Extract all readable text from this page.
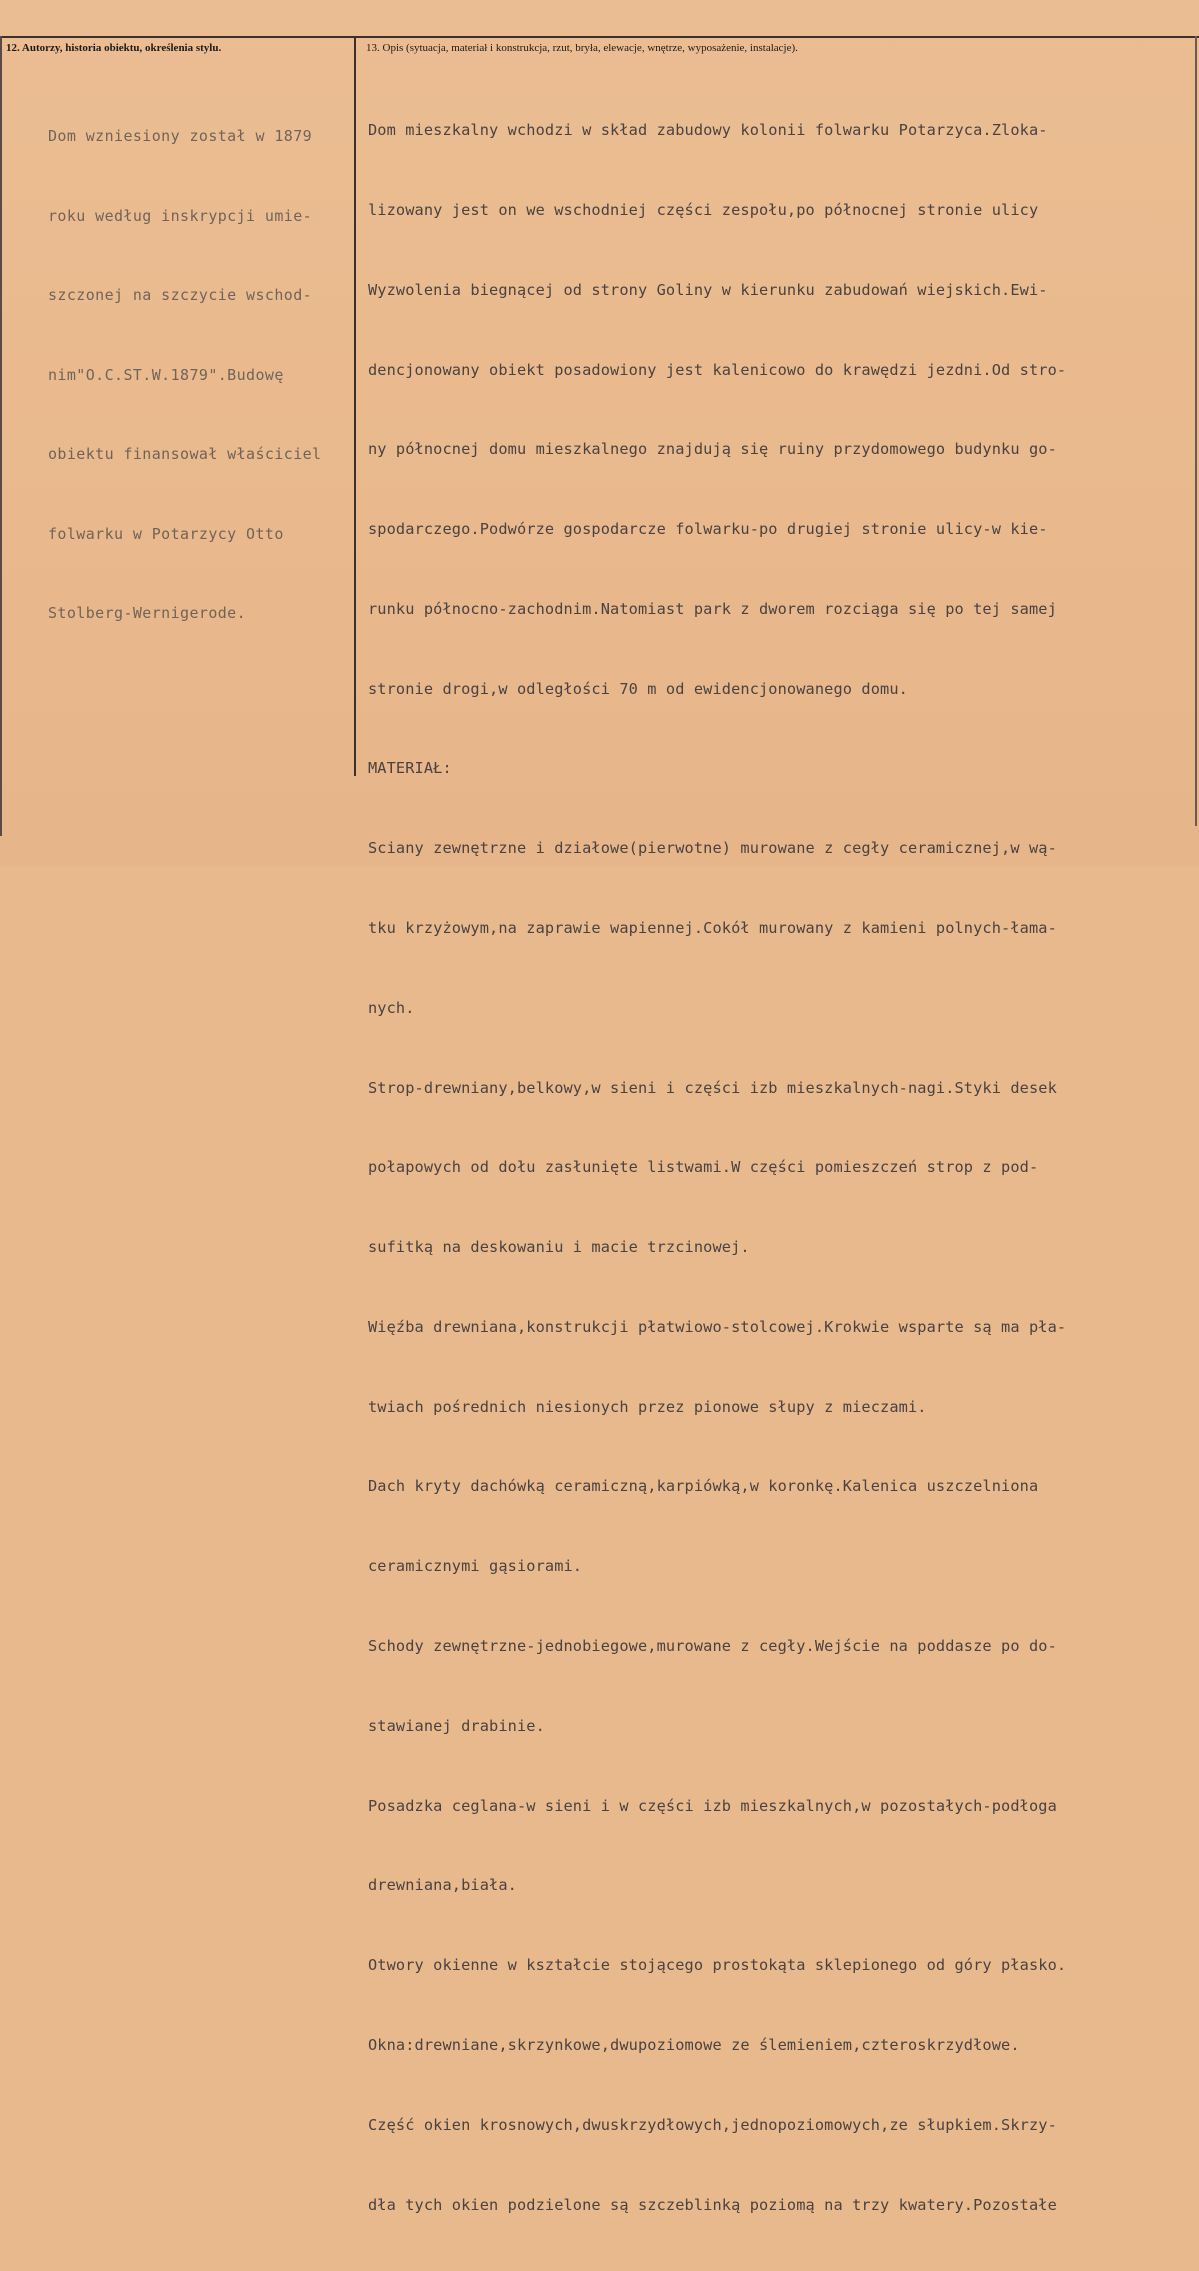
12. Autorzy, historia obiektu, określenia stylu.	13. Opis (sytuacja, materiał i konstrukcja, rzut, bryła, elewacje, wnętrze, wyposażenie, instalacje).

Dom wzniesiony został w 1879

roku według inskrypcji umie-

szczonej na szczycie wschod-

nim"O.C.ST.W.1879".Budowę

obiektu finansował właściciel

folwarku w Potarzycy Otto

Stolberg-Wernigerode.

Dom mieszkalny wchodzi w skład zabudowy kolonii folwarku Potarzyca.Zloka-

lizowany jest on we wschodniej części zespołu,po północnej stronie ulicy

Wyzwolenia biegnącej od strony Goliny w kierunku zabudowań wiejskich.Ewi-

dencjonowany obiekt posadowiony jest kalenicowo do krawędzi jezdni.Od stro-

ny północnej domu mieszkalnego znajdują się ruiny przydomowego budynku go-

spodarczego.Podwórze gospodarcze folwarku-po drugiej stronie ulicy-w kie-

runku północno-zachodnim.Natomiast park z dworem rozciąga się po tej samej

stronie drogi,w odległości 70 m od ewidencjonowanego domu.

MATERIAŁ:

Sciany zewnętrzne i działowe(pierwotne) murowane z cegły ceramicznej,w wą-

tku krzyżowym,na zaprawie wapiennej.Cokół murowany z kamieni polnych-łama-

nych.

Strop-drewniany,belkowy,w sieni i części izb mieszkalnych-nagi.Styki desek

połapowych od dołu zasłunięte listwami.W części pomieszczeń strop z pod-

sufitką na deskowaniu i macie trzcinowej.

Więźba drewniana,konstrukcji płatwiowo-stolcowej.Krokwie wsparte są ma pła-

twiach pośrednich niesionych przez pionowe słupy z mieczami.

Dach kryty dachówką ceramiczną,karpiówką,w koronkę.Kalenica uszczelniona

ceramicznymi gąsiorami.

Schody zewnętrzne-jednobiegowe,murowane z cegły.Wejście na poddasze po do-

stawianej drabinie.

Posadzka ceglana-w sieni i w części izb mieszkalnych,w pozostałych-podłoga

drewniana,biała.

Otwory okienne w kształcie stojącego prostokąta sklepionego od góry płasko.

Okna:drewniane,skrzynkowe,dwupoziomowe ze ślemieniem,czteroskrzydłowe.

Część okien krosnowych,dwuskrzydłowych,jednopoziomowych,ze słupkiem.Skrzy-

dła tych okien podzielone są szczeblinką poziomą na trzy kwatery.Pozostałe
